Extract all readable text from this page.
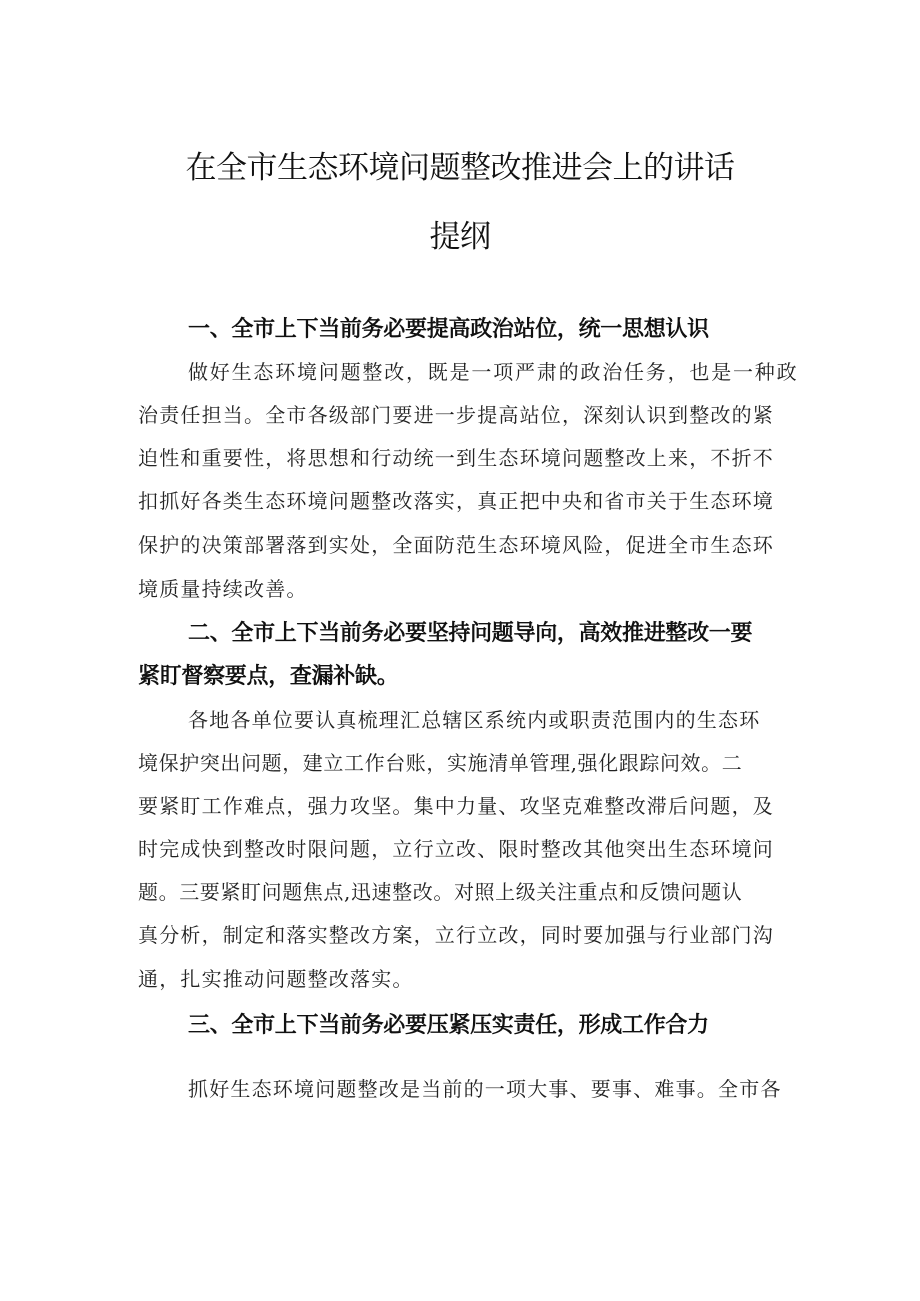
在全市生态环境问题整改推进会上的讲话
提纲
一、全市上下当前务必要提高政治站位，统一思想认识
做好生态环境问题整改，既是一项严肃的政治任务，也是一种政
治责任担当。全市各级部门要进一步提高站位，深刻认识到整改的紧
迫性和重要性，将思想和行动统一到生态环境问题整改上来，不折不
扣抓好各类生态环境问题整改落实，真正把中央和省市关于生态环境
保护的决策部署落到实处，全面防范生态环境风险，促进全市生态环
境质量持续改善。
二、全市上下当前务必要坚持问题导向，高效推进整改一要
紧盯督察要点，查漏补缺。
各地各单位要认真梳理汇总辖区系统内或职责范围内的生态环
境保护突出问题，建立工作台账，实施清单管理,强化跟踪问效。二
要紧盯工作难点，强力攻坚。集中力量、攻坚克难整改滞后问题，及
时完成快到整改时限问题，立行立改、限时整改其他突出生态环境问
题。三要紧盯问题焦点,迅速整改。对照上级关注重点和反馈问题认
真分析，制定和落实整改方案，立行立改，同时要加强与行业部门沟
通，扎实推动问题整改落实。
三、全市上下当前务必要压紧压实责任，形成工作合力
抓好生态环境问题整改是当前的一项大事、要事、难事。全市各
